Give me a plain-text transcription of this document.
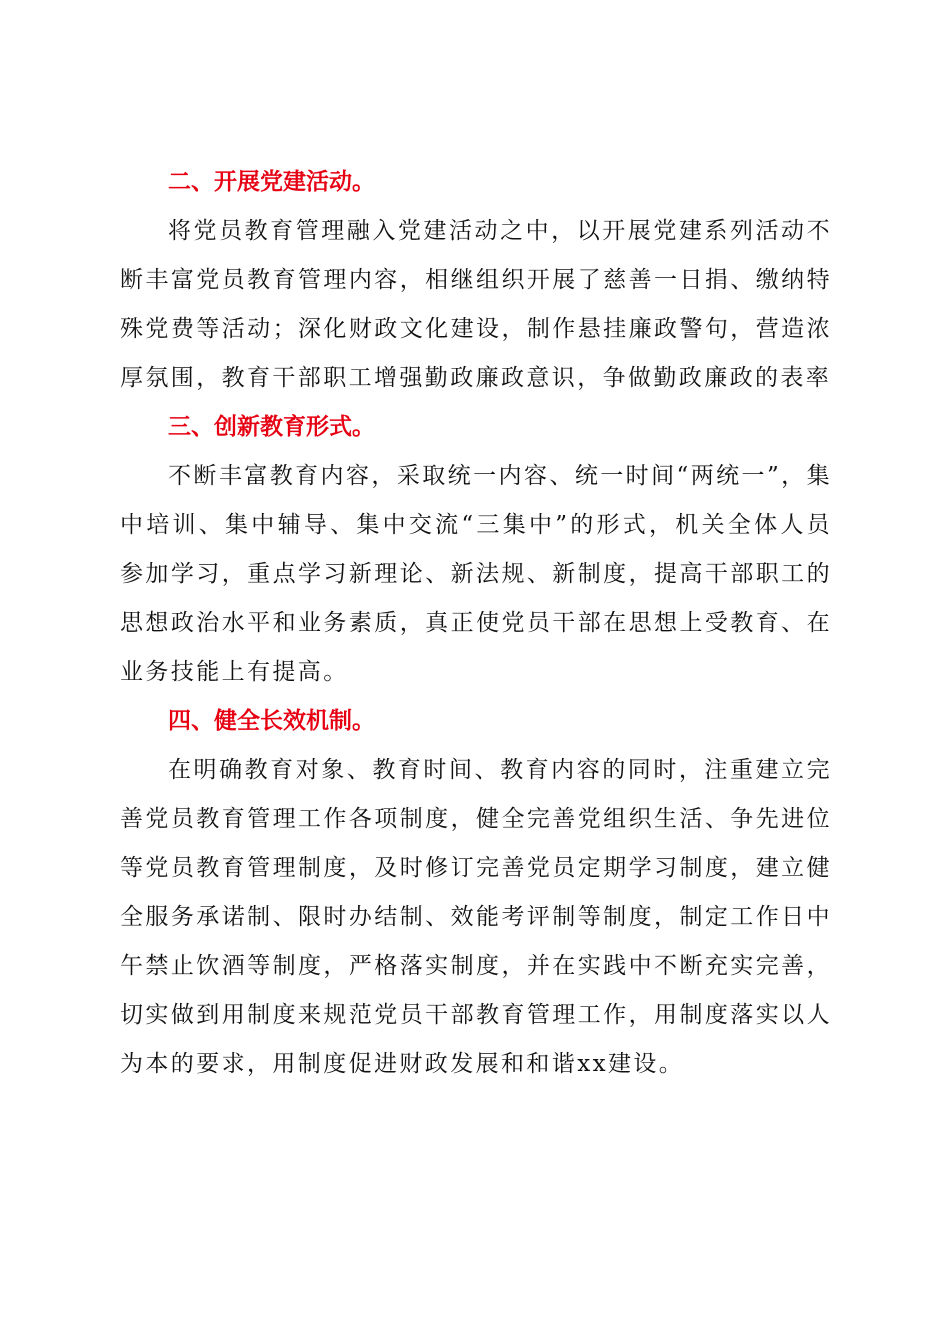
二、开展党建活动。

将党员教育管理融入党建活动之中，以开展党建系列活动不断丰富党员教育管理内容，相继组织开展了慈善一日捐、缴纳特殊党费等活动；深化财政文化建设，制作悬挂廉政警句，营造浓厚氛围，教育干部职工增强勤政廉政意识，争做勤政廉政的表率

三、创新教育形式。

不断丰富教育内容，采取统一内容、统一时间“两统一”，集中培训、集中辅导、集中交流“三集中”的形式，机关全体人员参加学习，重点学习新理论、新法规、新制度，提高干部职工的思想政治水平和业务素质，真正使党员干部在思想上受教育、在业务技能上有提高。

四、健全长效机制。

在明确教育对象、教育时间、教育内容的同时，注重建立完善党员教育管理工作各项制度，健全完善党组织生活、争先进位等党员教育管理制度，及时修订完善党员定期学习制度，建立健全服务承诺制、限时办结制、效能考评制等制度，制定工作日中午禁止饮酒等制度，严格落实制度，并在实践中不断充实完善，切实做到用制度来规范党员干部教育管理工作，用制度落实以人为本的要求，用制度促进财政发展和和谐xx建设。
